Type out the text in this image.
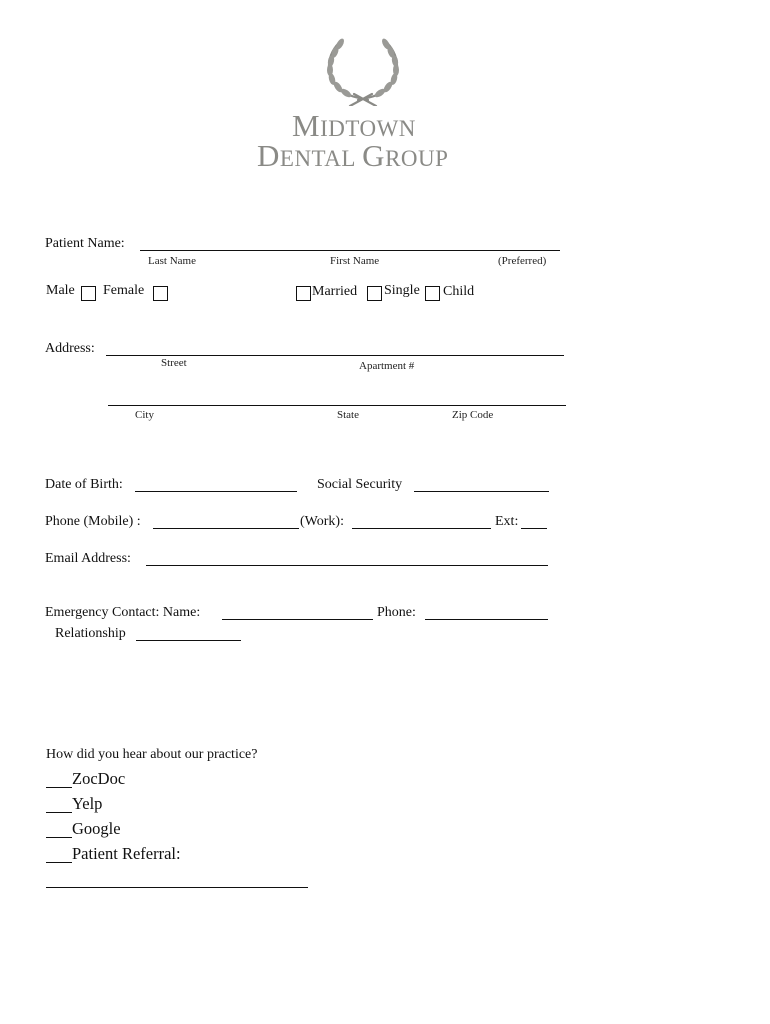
MIDTOWN
DENTAL GROUP
Patient Name:
Last Name	First Name	(Preferred)
Male Female	Married Single Child
Address:
Street	Apartment #
City	State	Zip Code
Date of Birth:	Social Security
Phone (Mobile) :	(Work):	Ext:
Email Address:
Emergency Contact: Name:	Phone:
Relationship
How did you hear about our practice?
ZocDoc
Yelp
Google
Patient Referral:
